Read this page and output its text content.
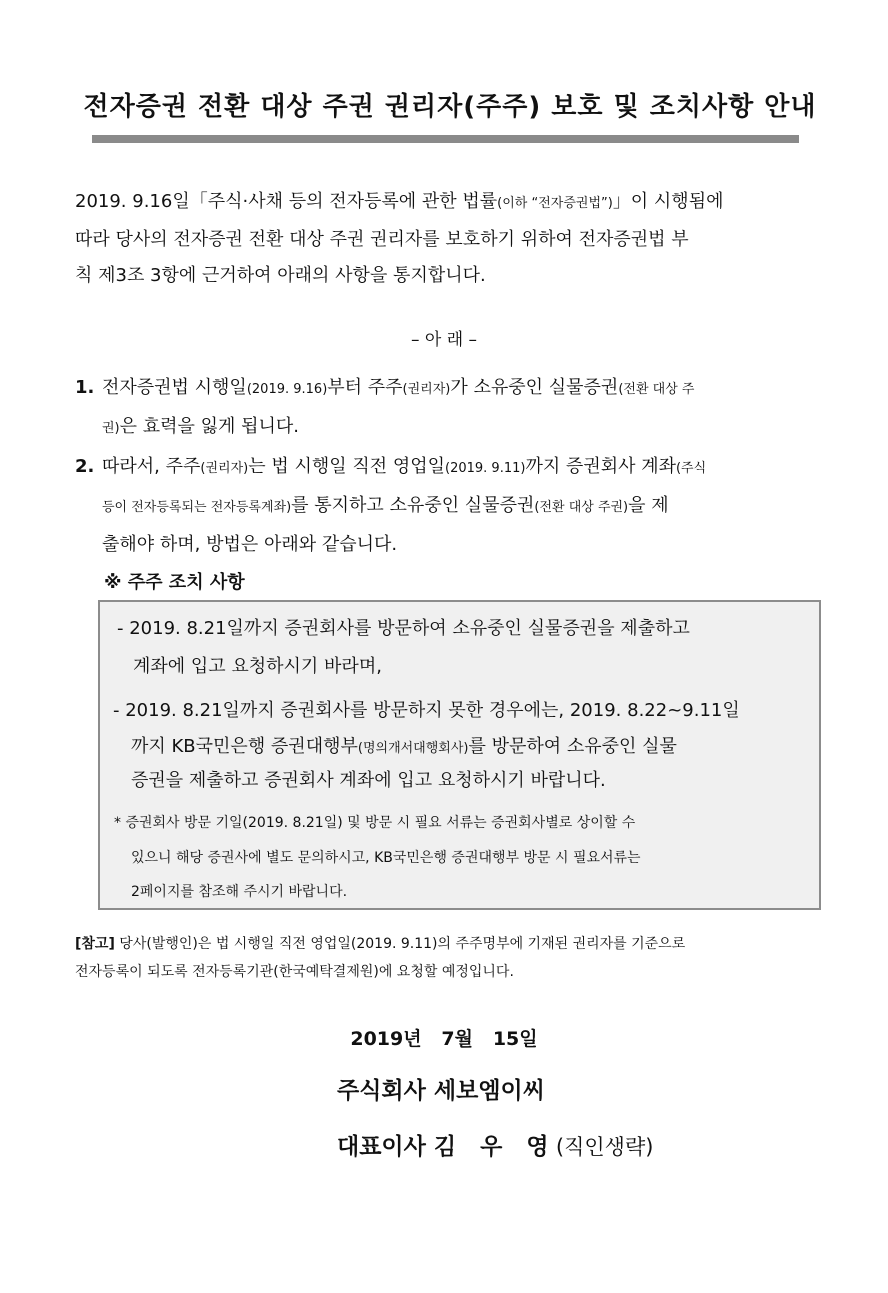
전자증권 전환 대상 주권 권리자(주주) 보호 및 조치사항 안내
2019. 9.16일「주식·사채 등의 전자등록에 관한 법률(이하 “전자증권법”)」이 시행됨에
따라 당사의 전자증권 전환 대상 주권 권리자를 보호하기 위하여 전자증권법 부
칙 제3조 3항에 근거하여 아래의 사항을 통지합니다.
– 아 래 –
1. 전자증권법 시행일(2019. 9.16)부터 주주(권리자)가 소유중인 실물증권(전환 대상 주
권)은 효력을 잃게 됩니다.
2. 따라서, 주주(권리자)는 법 시행일 직전 영업일(2019. 9.11)까지 증권회사 계좌(주식
등이 전자등록되는 전자등록계좌)를 통지하고 소유중인 실물증권(전환 대상 주권)을 제
출해야 하며, 방법은 아래와 같습니다.
※ 주주 조치 사항
- 2019. 8.21일까지 증권회사를 방문하여 소유중인 실물증권을 제출하고
계좌에 입고 요청하시기 바라며,
- 2019. 8.21일까지 증권회사를 방문하지 못한 경우에는, 2019. 8.22~9.11일
까지 KB국민은행 증권대행부(명의개서대행회사)를 방문하여 소유중인 실물
증권을 제출하고 증권회사 계좌에 입고 요청하시기 바랍니다.
* 증권회사 방문 기일(2019. 8.21일) 및 방문 시 필요 서류는 증권회사별로 상이할 수
있으니 해당 증권사에 별도 문의하시고, KB국민은행 증권대행부 방문 시 필요서류는
2페이지를 참조해 주시기 바랍니다.
[참고] 당사(발행인)은 법 시행일 직전 영업일(2019. 9.11)의 주주명부에 기재된 권리자를 기준으로
전자등록이 되도록 전자등록기관(한국예탁결제원)에 요청할 예정입니다.
2019년   7월   15일
주식회사 세보엠이씨
대표이사 김   우   영 (직인생략)
